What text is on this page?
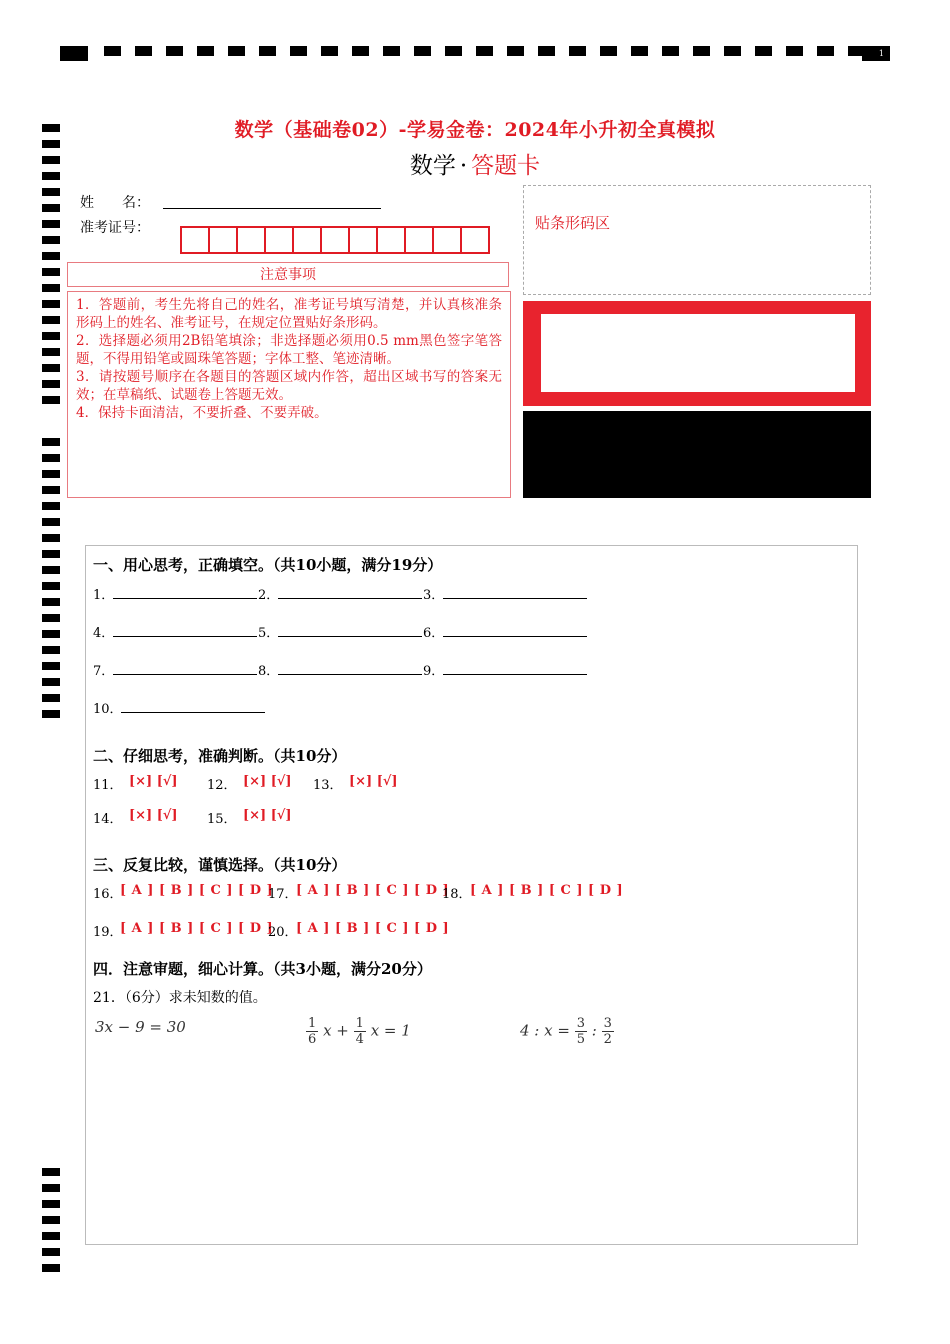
1
数学（基础卷02）-学易金卷：2024年小升初全真模拟
数学 · 答题卡
姓　　名：
准考证号：
注意事项

1．答题前，考生先将自己的姓名，准考证号填写清楚，并认真核准条形码上的姓名、准考证号，在规定位置贴好条形码。

2．选择题必须用2B铅笔填涂；非选择题必须用0.5 mm黑色签字笔答题，不得用铅笔或圆珠笔答题；字体工整、笔迹清晰。

3．请按题号顺序在各题目的答题区域内作答，超出区域书写的答案无效；在草稿纸、试题卷上答题无效。

4．保持卡面清洁，不要折叠、不要弄破。

贴条形码区
一、用心思考，正确填空。（共10小题，满分19分）
1．	2．	3．
4．	5．	6．
7．	8．	9．
10．
二、仔细思考，准确判断。（共10分）
11． [×] [√] 12． [×] [√] 13． [×] [√]
14． [×] [√] 15． [×] [√]
三、反复比较，谨慎选择。（共10分）
16．
[ A ] [ B ] [ C ] [ D ]
17．
[ A ] [ B ] [ C ] [ D ]
18．
[ A ] [ B ] [ C ] [ D ]
19．
[ A ] [ B ] [ C ] [ D ]
20．
[ A ] [ B ] [ C ] [ D ]
四．注意审题，细心计算。（共3小题，满分20分）
21．（6分）求未知数的值。
3x − 9 = 30	$\frac{1}{6}$ $x + \frac{1}{4}$ x = 1	4 : $x = \frac{3}{5}$ : $\frac{3}{2}$
